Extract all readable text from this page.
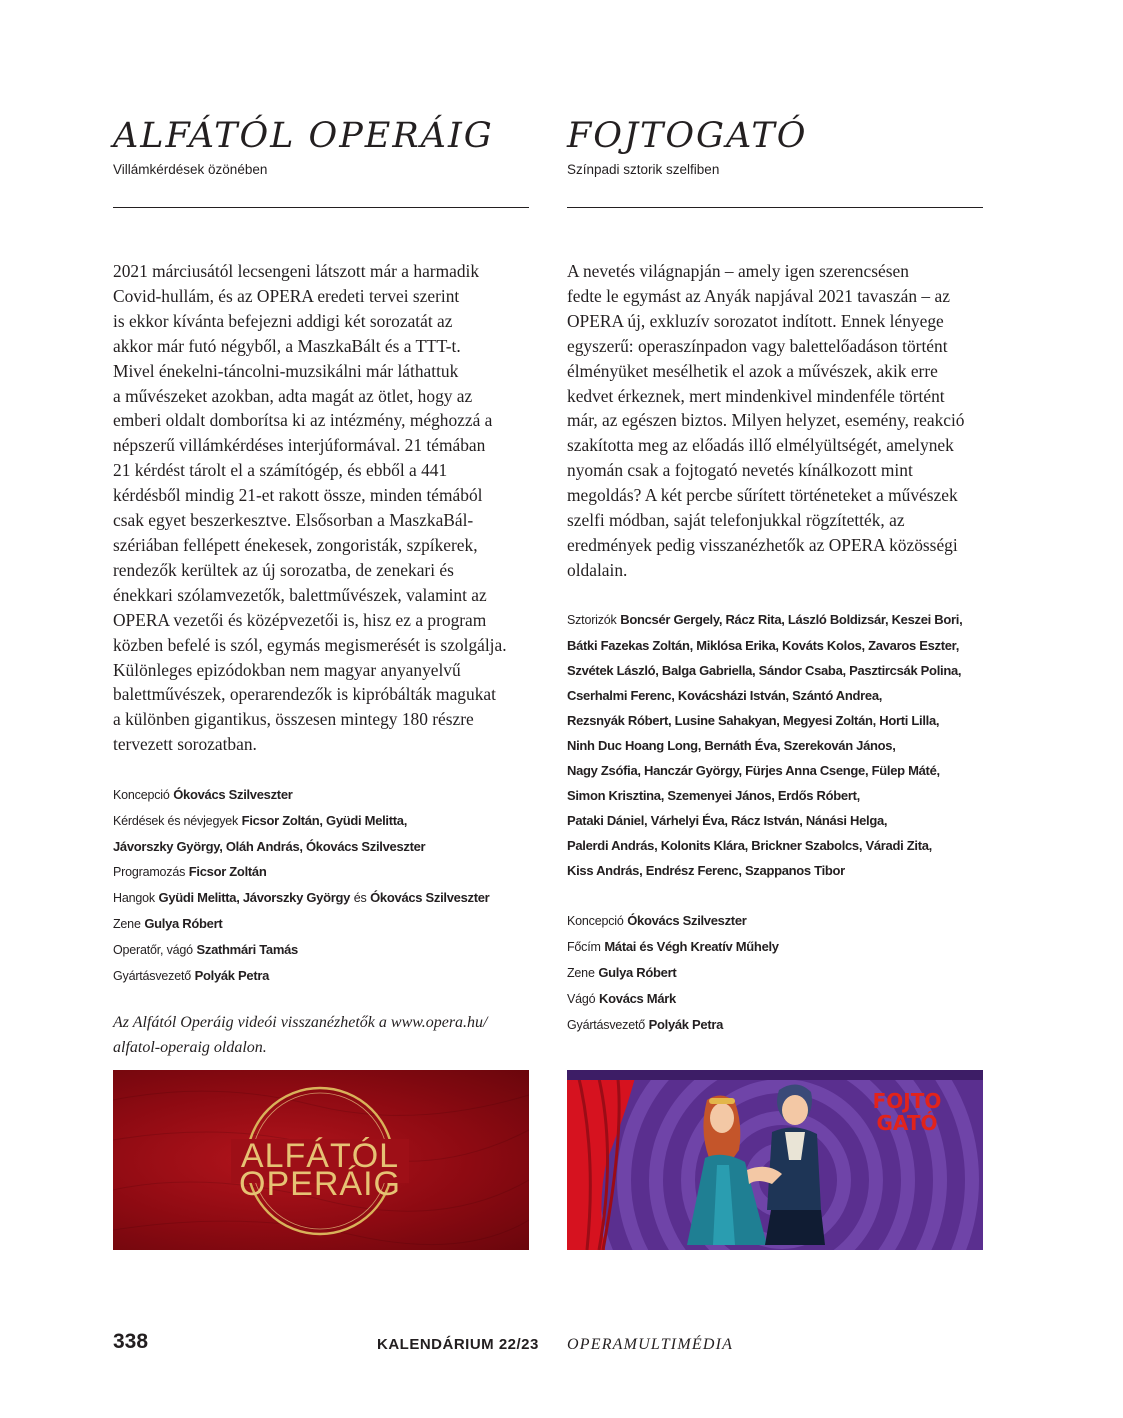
ALFÁTÓL OPERÁIG
Villámkérdések özönében
2021 márciusától lecsengeni látszott már a harmadik
Covid-hullám, és az OPERA eredeti tervei szerint
is ekkor kívánta befejezni addigi két sorozatát az
akkor már futó négyből, a MaszkaBált és a TTT-t.
Mivel énekelni-táncolni-muzsikálni már láthattuk
a művészeket azokban, adta magát az ötlet, hogy az
emberi oldalt domborítsa ki az intézmény, méghozzá a
népszerű villámkérdéses interjúformával. 21 témában
21 kérdést tárolt el a számítógép, és ebből a 441
kérdésből mindig 21-et rakott össze, minden témából
csak egyet beszerkesztve. Elsősorban a MaszkaBál-
szériában fellépett énekesek, zongoristák, szpíkerek,
rendezők kerültek az új sorozatba, de zenekari és
énekkari szólamvezetők, balettművészek, valamint az
OPERA vezetői és középvezetői is, hisz ez a program
közben befelé is szól, egymás megismerését is szolgálja.
Különleges epizódokban nem magyar anyanyelvű
balettművészek, operarendezők is kipróbálták magukat
a különben gigantikus, összesen mintegy 180 részre
tervezett sorozatban.
Koncepció Ókovács Szilveszter
Kérdések és névjegyek Ficsor Zoltán, Gyüdi Melitta,
Jávorszky György, Oláh András, Ókovács Szilveszter
Programozás Ficsor Zoltán
Hangok Gyüdi Melitta, Jávorszky György és Ókovács Szilveszter
Zene Gulya Róbert
Operatőr, vágó Szathmári Tamás
Gyártásvezető Polyák Petra
Az Alfától Operáig videói visszanézhetők a www.opera.hu/
alfatol-operaig oldalon.
ALFÁTÓL
OPERÁIG
FOJTOGATÓ
Színpadi sztorik szelfiben
A nevetés világnapján – amely igen szerencsésen
fedte le egymást az Anyák napjával 2021 tavaszán – az
OPERA új, exkluzív sorozatot indított. Ennek lényege
egyszerű: operaszínpadon vagy balettelőadáson történt
élményüket mesélhetik el azok a művészek, akik erre
kedvet érkeznek, mert mindenkivel mindenféle történt
már, az egészen biztos. Milyen helyzet, esemény, reakció
szakította meg az előadás illő elmélyültségét, amelynek
nyomán csak a fojtogató nevetés kínálkozott mint
megoldás? A két percbe sűrített történeteket a művészek
szelfi módban, saját telefonjukkal rögzítették, az
eredmények pedig visszanézhetők az OPERA közösségi
oldalain.
Sztorizók Boncsér Gergely, Rácz Rita, László Boldizsár, Keszei Bori,
Bátki Fazekas Zoltán, Miklósa Erika, Kováts Kolos, Zavaros Eszter,
Szvétek László, Balga Gabriella, Sándor Csaba, Pasztircsák Polina,
Cserhalmi Ferenc, Kovácsházi István, Szántó Andrea,
Rezsnyák Róbert, Lusine Sahakyan, Megyesi Zoltán, Horti Lilla,
Ninh Duc Hoang Long, Bernáth Éva, Szerekován János,
Nagy Zsófia, Hanczár György, Fürjes Anna Csenge, Fülep Máté,
Simon Krisztina, Szemenyei János, Erdős Róbert,
Pataki Dániel, Várhelyi Éva, Rácz István, Nánási Helga,
Palerdi András, Kolonits Klára, Brickner Szabolcs, Váradi Zita,
Kiss András, Endrész Ferenc, Szappanos Tibor
Koncepció Ókovács Szilveszter
Főcím Mátai és Végh Kreatív Műhely
Zene Gulya Róbert
Vágó Kovács Márk
Gyártásvezető Polyák Petra
FOJTO
GATÓ
338	KALENDÁRIUM 22/23 OPERAMULTIMÉDIA
